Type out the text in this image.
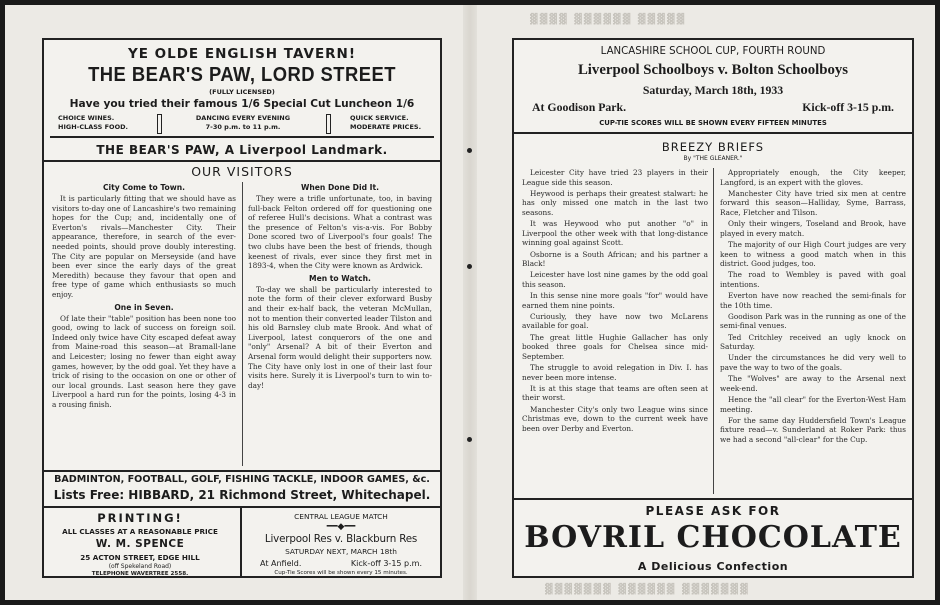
▓▓▓▓ ▓▓▓▓▓▓ ▓▓▓▓▓
▓▓▓▓▓▓▓ ▓▓▓▓▓▓ ▓▓▓▓▓▓▓
YE OLDE ENGLISH TAVERN!
THE BEAR'S PAW, LORD STREET
(FULLY LICENSED)
Have you tried their famous 1/6 Special Cut Luncheon 1/6
CHOICE WINES.
HIGH-CLASS FOOD.
DANCING EVERY EVENING
7-30 p.m. to 11 p.m.
QUICK SERVICE.
MODERATE PRICES.
THE BEAR'S PAW, A Liverpool Landmark.
OUR VISITORS
City Come to Town.

It is particularly fitting that we should have as visitors to-day one of Lancashire's two remaining hopes for the Cup; and, incidentally one of Everton's rivals—Manchester City. Their appearance, therefore, in search of the ever-needed points, should prove doubly interesting. The City are popular on Merseyside (and have been ever since the early days of the great Meredith) because they favour that open and free type of game which enthusiasts so much enjoy.

One in Seven.

Of late their "table" position has been none too good, owing to lack of success on foreign soil. Indeed only twice have City escaped defeat away from Maine-road this season—at Bramall-lane and Leicester; losing no fewer than eight away games, however, by the odd goal. Yet they have a trick of rising to the occasion on one or other of our local grounds. Last season here they gave Liverpool a hard run for the points, losing 4-3 in a rousing finish.

When Done Did It.

They were a trifle unfortunate, too, in baving full-back Felton ordered off for questioning one of referee Hull's decisions. What a contrast was the presence of Felton's vis-a-vis. For Bobby Done scored two of Liverpool's four goals! The two clubs have been the best of friends, though keenest of rivals, ever since they first met in 1893-4, when the City were known as Ardwick.

Men to Watch.

To-day we shall be particularly interested to note the form of their clever exforward Busby and their ex-half back, the veteran McMullan, not to mention their converted leader Tilston and his old Barnsley club mate Brook. And what of Liverpool, latest conquerors of the one and "only" Arsenal? A bit of their Everton and Arsenal form would delight their supporters now. The City have only lost in one of their last four visits here. Surely it is Liverpool's turn to win to-day!

BADMINTON, FOOTBALL, GOLF, FISHING TACKLE, INDOOR GAMES, &c.
Lists Free: HIBBARD, 21 Richmond Street, Whitechapel.
PRINTING!
ALL CLASSES AT A REASONABLE PRICE
W. M. SPENCE
25 ACTON STREET, EDGE HILL
(off Spekeland Road)
TELEPHONE WAVERTREE 2558.
CENTRAL LEAGUE MATCH
━━◆━━
Liverpool Res v. Blackburn Res
SATURDAY NEXT, MARCH 18th
At Anfield.	Kick-off 3-15 p.m.
Cup-Tie Scores will be shown every 15 minutes.
LANCASHIRE SCHOOL CUP, FOURTH ROUND
Liverpool Schoolboys v. Bolton Schoolboys
Saturday, March 18th, 1933
At Goodison Park.	Kick-off 3-15 p.m.
CUP-TIE SCORES WILL BE SHOWN EVERY FIFTEEN MINUTES
BREEZY BRIEFS
By "THE GLEANER."

Leicester City have tried 23 players in their League side this season.

Heywood is perhaps their greatest stalwart: he has only missed one match in the last two seasons.

It was Heywood who put another "o" in Liverpool the other week with that long-distance winning goal against Scott.

Osborne is a South African; and his partner a Black!

Leicester have lost nine games by the odd goal this season.

In this sense nine more goals "for" would have earned them nine points.

Curiously, they have now two McLarens available for goal.

The great little Hughie Gallacher has only booked three goals for Chelsea since mid-September.

The struggle to avoid relegation in Div. I. has never been more intense.

It is at this stage that teams are often seen at their worst.

Manchester City's only two League wins since Christmas eve, down to the current week have been over Derby and Everton.

Appropriately enough, the City keeper, Langford, is an expert with the gloves.

Manchester City have tried six men at centre forward this season—Halliday, Syme, Barrass, Race, Fletcher and Tilson.

Only their wingers, Toseland and Brook, have played in every match.

The majority of our High Court judges are very keen to witness a good match when in this district. Good judges, too.

The road to Wembley is paved with goal intentions.

Everton have now reached the semi-finals for the 10th time.

Goodison Park was in the running as one of the semi-final venues.

Ted Critchley received an ugly knock on Saturday.

Under the circumstances he did very well to pave the way to two of the goals.

The "Wolves" are away to the Arsenal next week-end.

Hence the "all clear" for the Everton-West Ham meeting.

For the same day Huddersfield Town's League fixture read—v. Sunderland at Roker Park: thus we had a second "all-clear" for the Cup.

PLEASE ASK FOR
BOVRIL CHOCOLATE
A Delicious Confection
